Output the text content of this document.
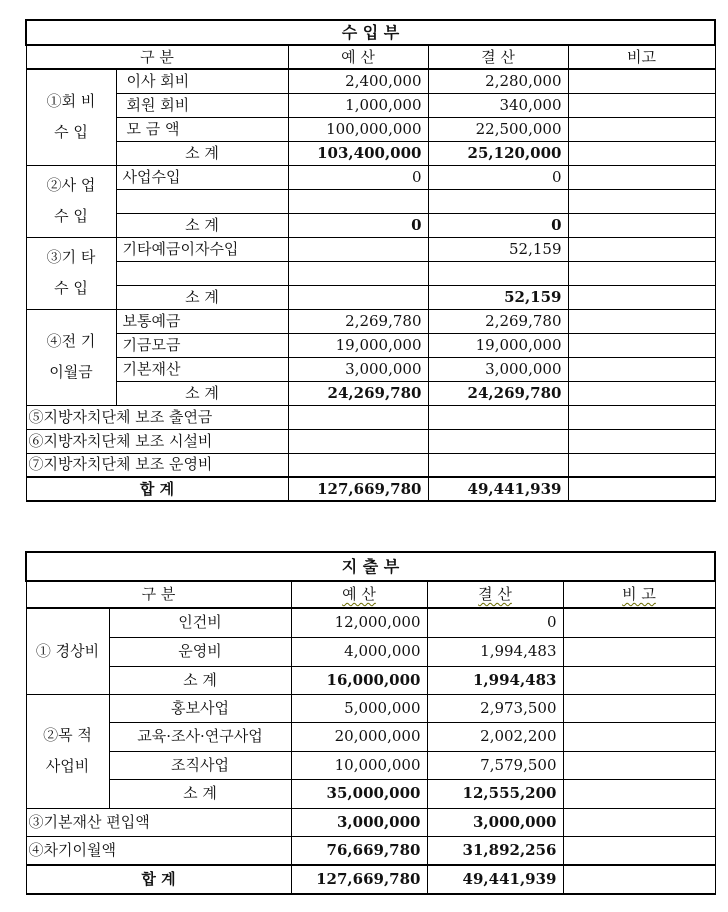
수 입 부				
구 분		예 산	결 산	비고
①회 비
수 입	이사 회비	2,400,000	2,280,000	
	회원 회비	1,000,000	340,000	
	모 금 액	100,000,000	22,500,000	
	소 계	103,400,000	25,120,000	
②사 업
수 입	사업수입	0	0	

	소 계	0	0	
③기 타
수 입	기타예금이자수입		52,159	

	소 계		52,159	
④전 기
이월금	보통예금	2,269,780	2,269,780	
	기금모금	19,000,000	19,000,000	
	기본재산	3,000,000	3,000,000	
	소 계	24,269,780	24,269,780	
⑤지방자치단체 보조 출연금				
⑥지방자치단체 보조 시설비				
⑦지방자치단체 보조 운영비				
합 계		127,669,780	49,441,939	
지 출 부				
구 분		예 산	결 산	비 고
① 경상비	인건비	12,000,000	0	
	운영비	4,000,000	1,994,483	
	소 계	16,000,000	1,994,483	
②목 적
사업비	홍보사업	5,000,000	2,973,500	
	교육·조사·연구사업	20,000,000	2,002,200	
	조직사업	10,000,000	7,579,500	
	소 계	35,000,000	12,555,200	
③기본재산 편입액		3,000,000	3,000,000	
④차기이월액		76,669,780	31,892,256	
합 계		127,669,780	49,441,939	
